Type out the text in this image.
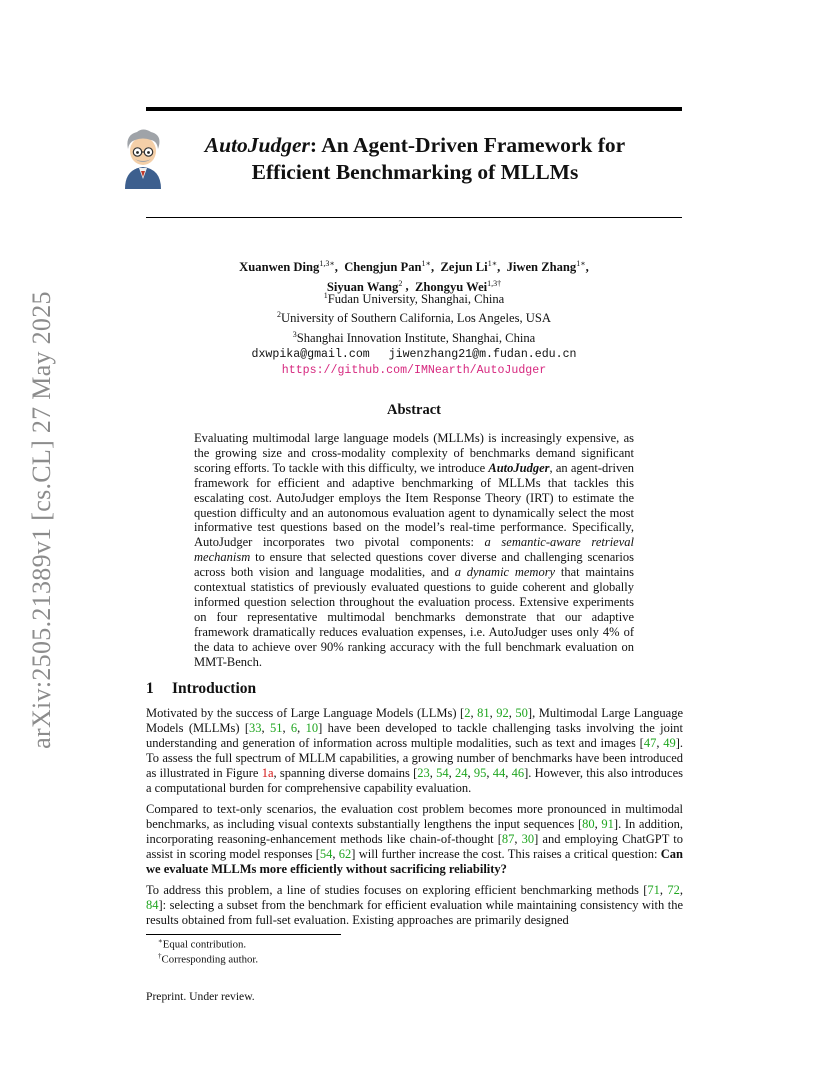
AutoJudger: An Agent-Driven Framework for
Efficient Benchmarking of MLLMs
arXiv:2505.21389v1 [cs.CL] 27 May 2025
Xuanwen Ding$^{1,3∗}$,  Chengjun Pan$^{1∗}$,  Zejun $Li^{1∗}$,  Jiwen Zhang$^{1∗}$,
Siyuan Wang$^2$ ,  Zhongyu Wei$^{1,3\dagger}$
$^1$Fudan University, Shanghai, China
$^2$University of Southern California, Los Angeles, USA
$^3$Shanghai Innovation Institute, Shanghai, China
dxwpika@gmail.com jiwenzhang21@m.fudan.edu.cn
https://github.com/IMNearth/AutoJudger
Abstract
Evaluating multimodal large language models (MLLMs) is increasingly expensive, as the growing size and cross-modality complexity of benchmarks demand significant scoring efforts. To tackle with this difficulty, we introduce AutoJudger, an agent-driven framework for efficient and adaptive benchmarking of MLLMs that tackles this escalating cost. AutoJudger employs the Item Response Theory (IRT) to estimate the question difficulty and an autonomous evaluation agent to dynamically select the most informative test questions based on the model’s real-time performance. Specifically, AutoJudger incorporates two pivotal components: a semantic-aware retrieval mechanism to ensure that selected questions cover diverse and challenging scenarios across both vision and language modalities, and a dynamic memory that maintains contextual statistics of previously evaluated questions to guide coherent and globally informed question selection throughout the evaluation process. Extensive experiments on four representative multimodal benchmarks demonstrate that our adaptive framework dramatically reduces evaluation expenses, i.e. AutoJudger uses only 4% of the data to achieve over 90% ranking accuracy with the full benchmark evaluation on MMT-Bench.
1 Introduction
Motivated by the success of Large Language Models (LLMs) [2, 81, 92, 50], Multimodal Large Language Models (MLLMs) [33, 51, 6, 10] have been developed to tackle challenging tasks involving the joint understanding and generation of information across multiple modalities, such as text and images [47, 49]. To assess the full spectrum of MLLM capabilities, a growing number of benchmarks have been introduced as illustrated in Figure 1a, spanning diverse domains [23, 54, 24, 95, 44, 46]. However, this also introduces a computational burden for comprehensive capability evaluation.
Compared to text-only scenarios, the evaluation cost problem becomes more pronounced in multimodal benchmarks, as including visual contexts substantially lengthens the input sequences [80, 91]. In addition, incorporating reasoning-enhancement methods like chain-of-thought [87, 30] and employing ChatGPT to assist in scoring model responses [54, 62] will further increase the cost. This raises a critical question: Can we evaluate MLLMs more efficiently without sacrificing reliability?
To address this problem, a line of studies focuses on exploring efficient benchmarking methods [71, 72, 84]: selecting a subset from the benchmark for efficient evaluation while maintaining consistency with the results obtained from full-set evaluation. Existing approaches are primarily designed
∗Equal contribution.
†Corresponding author.
Preprint. Under review.
